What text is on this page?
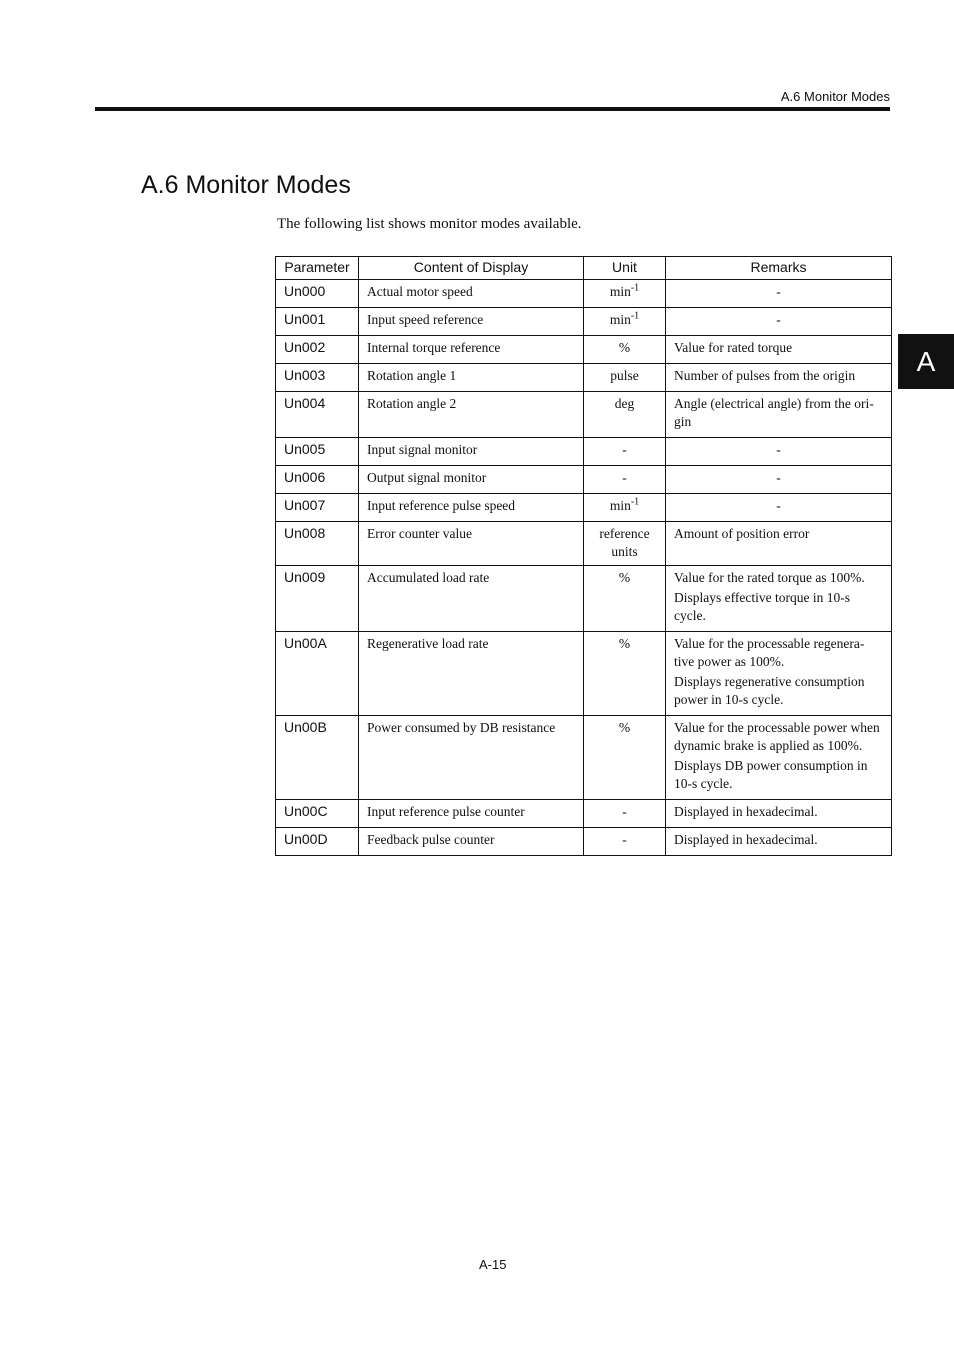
A.6 Monitor Modes
A
A.6 Monitor Modes
The following list shows monitor modes available.
Parameter	Content of Display	Unit	Remarks
Un000	Actual motor speed	$\min^{-1}$	-

Un001	Input speed reference	$\min^{-1}$	-

Un002	Internal torque reference	%	Value for rated torque

Un003	Rotation angle 1	pulse	Number of pulses from the origin

Un004	Rotation angle 2	deg	Angle (electrical angle) from the ori-gin

Un005	Input signal monitor	-	-

Un006	Output signal monitor	-	-

Un007	Input reference pulse speed	$\min^{-1}$	-

Un008	Error counter value	reference units	Amount of position error

Un009	Accumulated load rate	%	Value for the rated torque as 100%.
Displays effective torque in 10-s cycle.

Un00A	Regenerative load rate	%	Value for the processable regenera-tive power as 100%.
Displays regenerative consumption power in 10-s cycle.

Un00B	Power consumed by DB resistance	%	Value for the processable power when dynamic brake is applied as 100%.
Displays DB power consumption in 10-s cycle.

Un00C	Input reference pulse counter	-	Displayed in hexadecimal.

Un00D	Feedback pulse counter	-	Displayed in hexadecimal.
A-15
